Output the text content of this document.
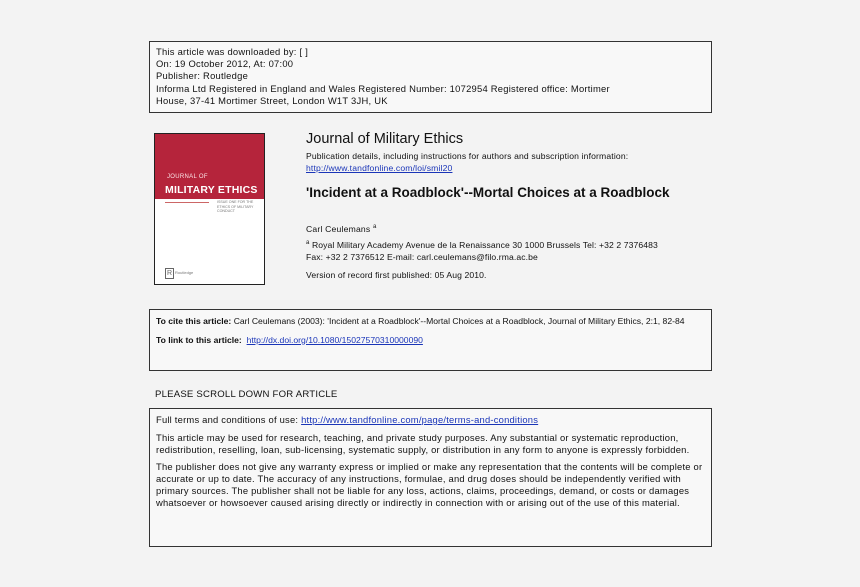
This article was downloaded by: [ ]
On: 19 October 2012, At: 07:00
Publisher: Routledge
Informa Ltd Registered in England and Wales Registered Number: 1072954 Registered office: Mortimer
House, 37-41 Mortimer Street, London W1T 3JH, UK
JOURNAL OF
MILITARY ETHICS
ISSUE ONE FOR THE ETHICS OF MILITARY CONDUCT
R Routledge
Journal of Military Ethics
Publication details, including instructions for authors and subscription information:
http://www.tandfonline.com/loi/smil20
'Incident at a Roadblock'--Mortal Choices at a Roadblock
Carl Ceulemans $^a$
$^a$ Royal Military Academy Avenue de la Renaissance 30 1000 Brussels Tel: +32 2 7376483
Fax: +32 2 7376512 E-mail: carl.ceulemans@filo.rma.ac.be
Version of record first published: 05 Aug 2010.
To cite this article: Carl Ceulemans (2003): 'Incident at a Roadblock'--Mortal Choices at a Roadblock, Journal of Military Ethics, 2:1, 82-84
To link to this article: http://dx.doi.org/10.1080/15027570310000090
PLEASE SCROLL DOWN FOR ARTICLE

Full terms and conditions of use: http://www.tandfonline.com/page/terms-and-conditions

This article may be used for research, teaching, and private study purposes. Any substantial or systematic reproduction, redistribution, reselling, loan, sub-licensing, systematic supply, or distribution in any form to anyone is expressly forbidden.

The publisher does not give any warranty express or implied or make any representation that the contents will be complete or accurate or up to date. The accuracy of any instructions, formulae, and drug doses should be independently verified with primary sources. The publisher shall not be liable for any loss, actions, claims, proceedings, demand, or costs or damages whatsoever or howsoever caused arising directly or indirectly in connection with or arising out of the use of this material.
